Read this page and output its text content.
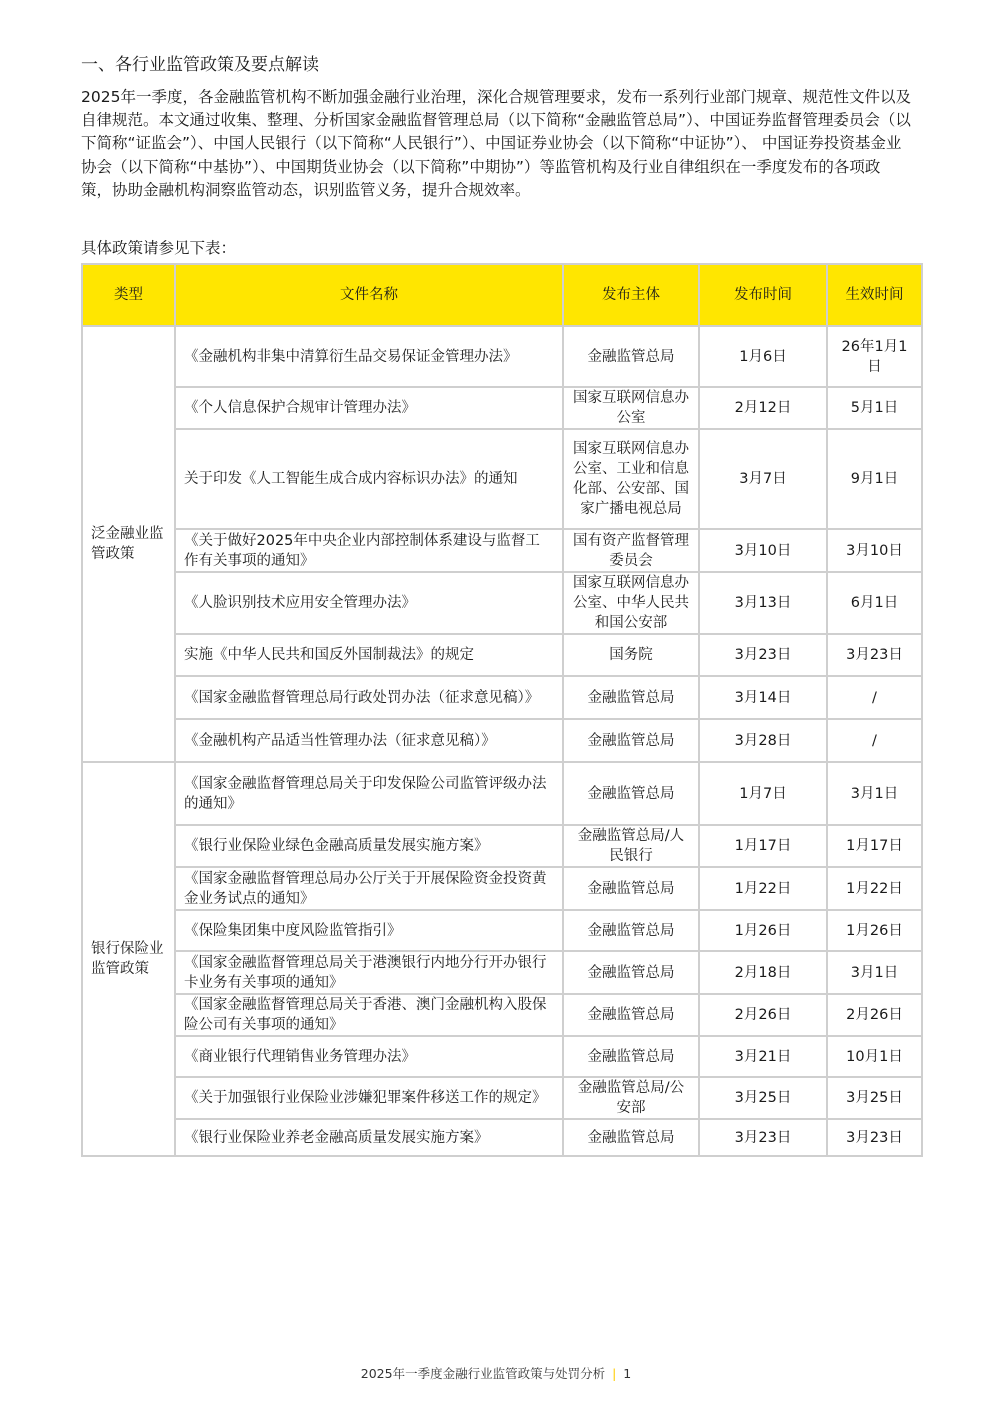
一、各行业监管政策及要点解读
2025年一季度，各金融监管机构不断加强金融行业治理，深化合规管理要求，发布一系列行业部门规章、规范性文件以及自律规范。本文通过收集、整理、分析国家金融监督管理总局（以下简称“金融监管总局”）、中国证券监督管理委员会（以下简称“证监会”）、中国人民银行（以下简称“人民银行”）、中国证券业协会（以下简称“中证协”）、 中国证券投资基金业协会（以下简称“中基协”）、中国期货业协会（以下简称”中期协”）等监管机构及行业自律组织在一季度发布的各项政策，协助金融机构洞察监管动态，识别监管义务，提升合规效率。
具体政策请参见下表：
类型	文件名称	发布主体	发布时间	生效时间
泛金融业监管政策	《金融机构非集中清算衍生品交易保证金管理办法》	金融监管总局	1月6日	26年1月1日
	《个人信息保护合规审计管理办法》	国家互联网信息办公室	2月12日	5月1日
	关于印发《人工智能生成合成内容标识办法》的通知	国家互联网信息办公室、工业和信息化部、公安部、国家广播电视总局	3月7日	9月1日
	《关于做好2025年中央企业内部控制体系建设与监督工作有关事项的通知》	国有资产监督管理委员会	3月10日	3月10日
	《人脸识别技术应用安全管理办法》	国家互联网信息办公室、中华人民共和国公安部	3月13日	6月1日
	实施《中华人民共和国反外国制裁法》的规定	国务院	3月23日	3月23日
	《国家金融监督管理总局行政处罚办法（征求意见稿）》	金融监管总局	3月14日	/
	《金融机构产品适当性管理办法（征求意见稿）》	金融监管总局	3月28日	/
银行保险业监管政策	《国家金融监督管理总局关于印发保险公司监管评级办法的通知》	金融监管总局	1月7日	3月1日
	《银行业保险业绿色金融高质量发展实施方案》	金融监管总局/人民银行	1月17日	1月17日
	《国家金融监督管理总局办公厅关于开展保险资金投资黄金业务试点的通知》	金融监管总局	1月22日	1月22日
	《保险集团集中度风险监管指引》	金融监管总局	1月26日	1月26日
	《国家金融监督管理总局关于港澳银行内地分行开办银行卡业务有关事项的通知》	金融监管总局	2月18日	3月1日
	《国家金融监督管理总局关于香港、澳门金融机构入股保险公司有关事项的通知》	金融监管总局	2月26日	2月26日
	《商业银行代理销售业务管理办法》	金融监管总局	3月21日	10月1日
	《关于加强银行业保险业涉嫌犯罪案件移送工作的规定》	金融监管总局/公安部	3月25日	3月25日
	《银行业保险业养老金融高质量发展实施方案》	金融监管总局	3月23日	3月23日
2025年一季度金融行业监管政策与处罚分析 | 1
